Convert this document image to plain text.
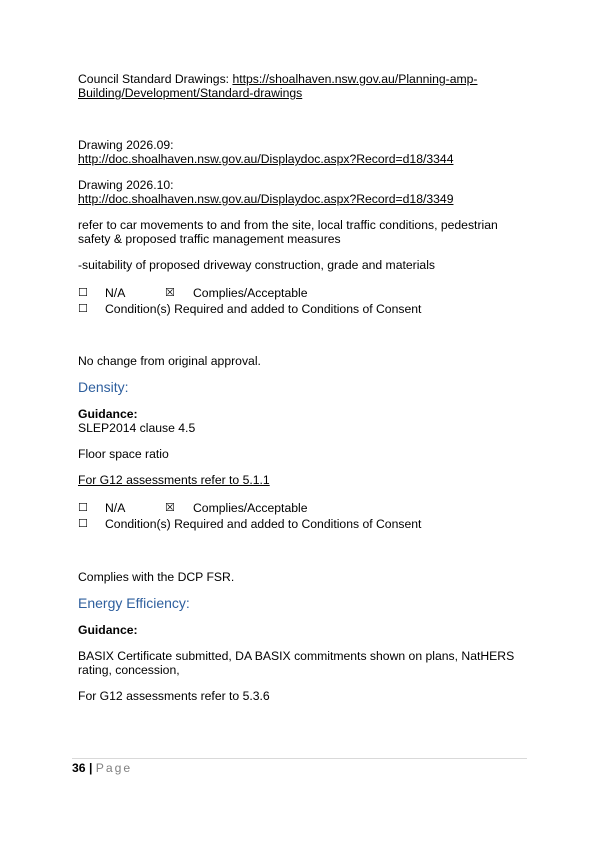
Council Standard Drawings: https://shoalhaven.nsw.gov.au/Planning-amp-
Building/Development/Standard-drawings
Drawing 2026.09:
http://doc.shoalhaven.nsw.gov.au/Displaydoc.aspx?Record=d18/3344
Drawing 2026.10:
http://doc.shoalhaven.nsw.gov.au/Displaydoc.aspx?Record=d18/3349
refer to car movements to and from the site, local traffic conditions, pedestrian
safety & proposed traffic management measures
-suitability of proposed driveway construction, grade and materials
☐ N/A	☒ Complies/Acceptable
☐ Condition(s) Required and added to Conditions of Consent
No change from original approval.
Density:
Guidance:
SLEP2014 clause 4.5
Floor space ratio
For G12 assessments refer to 5.1.1
☐ N/A	☒ Complies/Acceptable
☐ Condition(s) Required and added to Conditions of Consent
Complies with the DCP FSR.
Energy Efficiency:
Guidance:
BASIX Certificate submitted, DA BASIX commitments shown on plans, NatHERS
rating, concession,
For G12 assessments refer to 5.3.6
36 | Page
